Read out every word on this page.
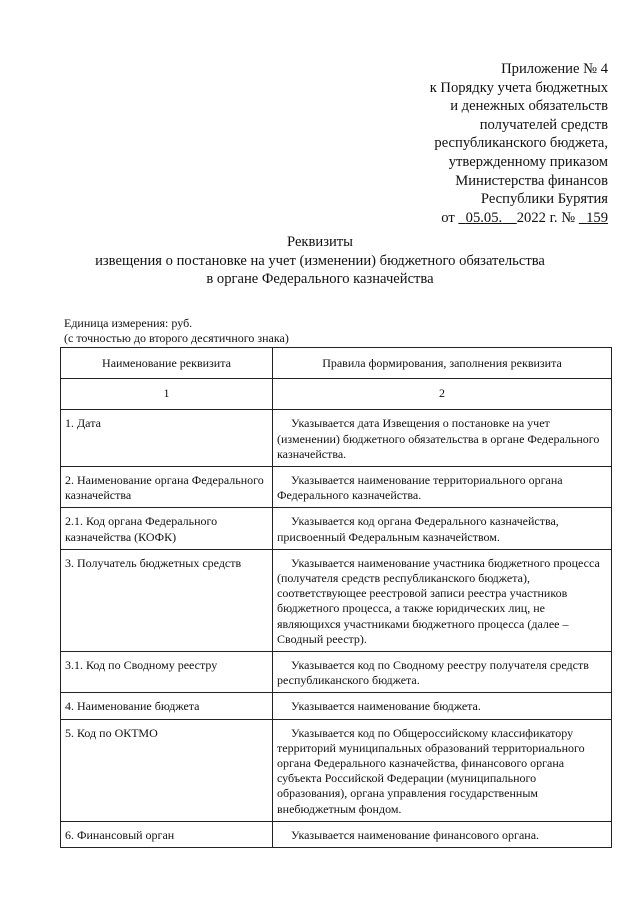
Приложение № 4
к Порядку учета бюджетных
и денежных обязательств
получателей средств
республиканского бюджета,
утвержденному приказом
Министерства финансов
Республики Бурятия
от 05.05. 2022 г. № 159
Реквизиты
извещения о постановке на учет (изменении) бюджетного обязательства
в органе Федерального казначейства
Единица измерения: руб.
(с точностью до второго десятичного знака)
Наименование реквизита	Правила формирования, заполнения реквизита
1	2
1. Дата	Указывается дата Извещения о постановке на учет (изменении) бюджетного обязательства в органе Федерального казначейства.
2. Наименование органа Федерального казначейства	Указывается наименование территориального органа Федерального казначейства.
2.1. Код органа Федерального казначейства (КОФК)	Указывается код органа Федерального казначейства, присвоенный Федеральным казначейством.
3. Получатель бюджетных средств	Указывается наименование участника бюджетного процесса (получателя средств республиканского бюджета), соответствующее реестровой записи реестра участников бюджетного процесса, а также юридических лиц, не являющихся участниками бюджетного процесса (далее – Сводный реестр).
3.1. Код по Сводному реестру	Указывается код по Сводному реестру получателя средств республиканского бюджета.
4. Наименование бюджета	Указывается наименование бюджета.
5. Код по ОКТМО	Указывается код по Общероссийскому классификатору территорий муниципальных образований территориального органа Федерального казначейства, финансового органа субъекта Российской Федерации (муниципального образования), органа управления государственным внебюджетным фондом.
6. Финансовый орган	Указывается наименование финансового органа.
